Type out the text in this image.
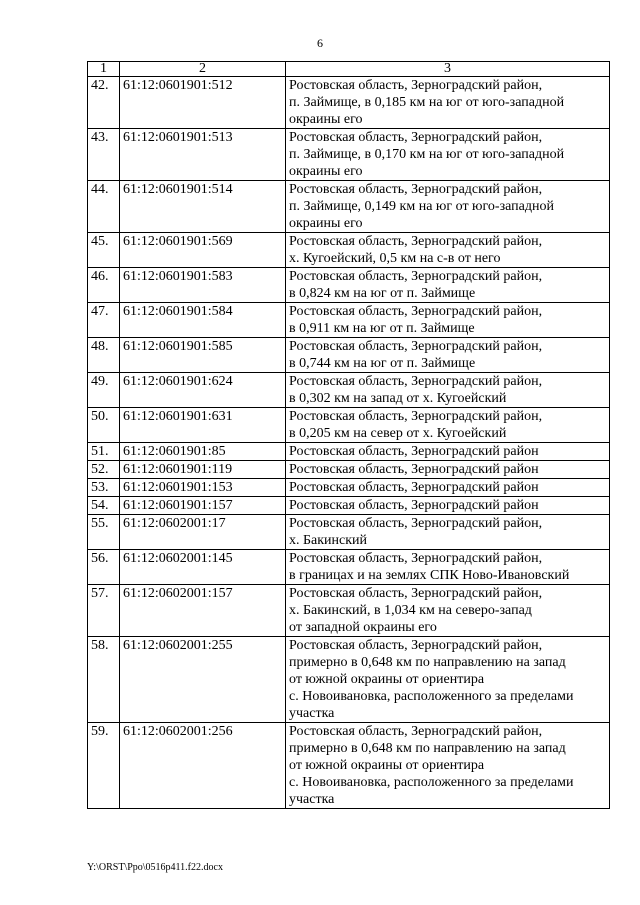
6
1	2	3
42.	61:12:0601901:512	Ростовская область, Зерноградский район,
п. Займище, в 0,185 км на юг от юго-западной
окраины его

43.	61:12:0601901:513	Ростовская область, Зерноградский район,
п. Займище, в 0,170 км на юг от юго-западной
окраины его

44.	61:12:0601901:514	Ростовская область, Зерноградский район,
п. Займище, 0,149 км на юг от юго-западной
окраины его

45.	61:12:0601901:569	Ростовская область, Зерноградский район,
х. Кугоейский, 0,5 км на с-в от него

46.	61:12:0601901:583	Ростовская область, Зерноградский район,
в 0,824 км на юг от п. Займище

47.	61:12:0601901:584	Ростовская область, Зерноградский район,
в 0,911 км на юг от п. Займище

48.	61:12:0601901:585	Ростовская область, Зерноградский район,
в 0,744 км на юг от п. Займище

49.	61:12:0601901:624	Ростовская область, Зерноградский район,
в 0,302 км на запад от х. Кугоейский

50.	61:12:0601901:631	Ростовская область, Зерноградский район,
в 0,205 км на север от х. Кугоейский

51.	61:12:0601901:85	Ростовская область, Зерноградский район

52.	61:12:0601901:119	Ростовская область, Зерноградский район

53.	61:12:0601901:153	Ростовская область, Зерноградский район

54.	61:12:0601901:157	Ростовская область, Зерноградский район

55.	61:12:0602001:17	Ростовская область, Зерноградский район,
х. Бакинский

56.	61:12:0602001:145	Ростовская область, Зерноградский район,
в границах и на землях СПК Ново-Ивановский

57.	61:12:0602001:157	Ростовская область, Зерноградский район,
х. Бакинский, в 1,034 км на северо-запад
от западной окраины его

58.	61:12:0602001:255	Ростовская область, Зерноградский район,
примерно в 0,648 км по направлению на запад
от южной окраины от ориентира
с. Новоивановка, расположенного за пределами
участка

59.	61:12:0602001:256	Ростовская область, Зерноградский район,
примерно в 0,648 км по направлению на запад
от южной окраины от ориентира
с. Новоивановка, расположенного за пределами
участка
Y:\ORST\Ppo\0516p411.f22.docx
